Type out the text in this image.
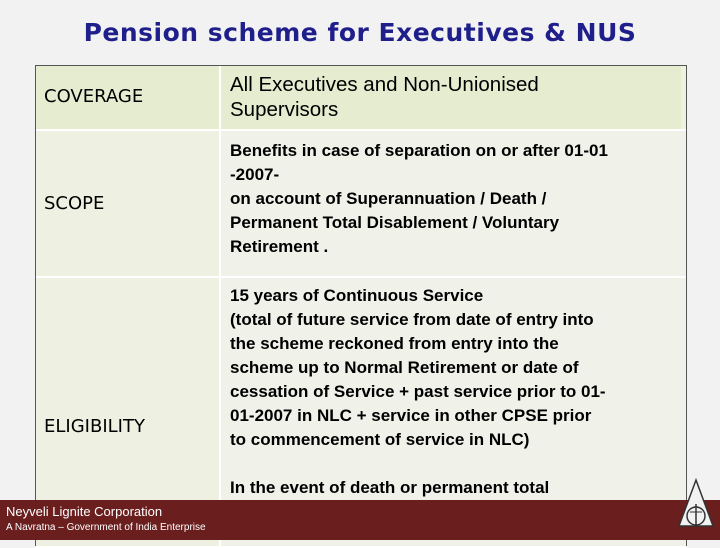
Pension scheme for Executives & NUS
COVERAGE
All Executives and Non-Unionised
Supervisors
SCOPE
Benefits in case of separation on or after 01-01
-2007-
on account of Superannuation / Death /
Permanent Total Disablement / Voluntary
Retirement .
ELIGIBILITY
15 years of Continuous Service
(total of future service from date of entry into
the scheme reckoned from entry into the
scheme up to Normal Retirement or date of
cessation of Service + past service prior to 01-
01-2007 in NLC + service in other CPSE prior
to commencement of service in NLC)
In the event of death or permanent total
Neyveli Lignite Corporation
A Navratna – Government of India Enterprise
